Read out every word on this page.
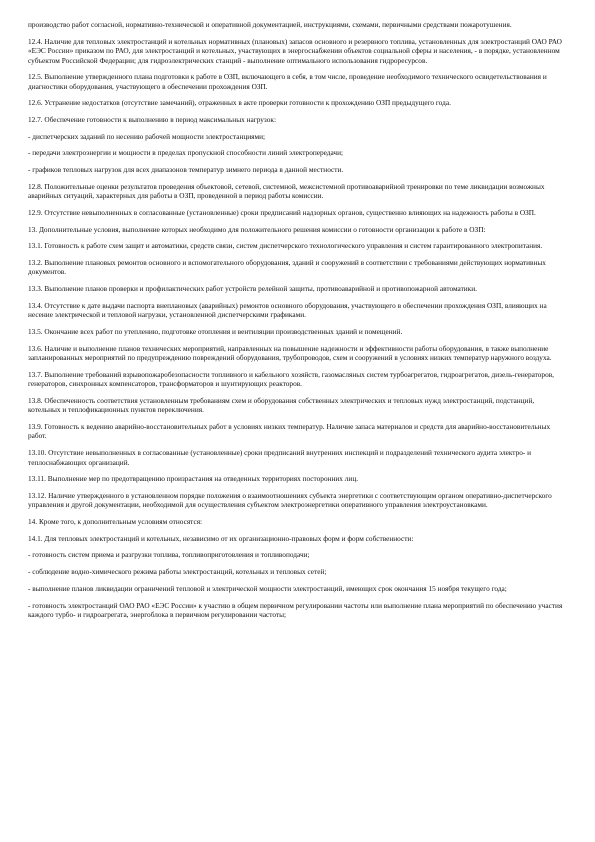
производство работ согласной, нормативно-технической и оперативной документацией, инструкциями, схемами, первичными средствами пожаротушения.

12.4. Наличие для тепловых электростанций и котельных нормативных (плановых) запасов основного и резервного топлива, установленных для электростанций ОАО РАО «ЕЭС России» приказом по РАО, для электростанций и котельных, участвующих в энергоснабжении объектов социальной сферы и населения, - в порядке, установленном субъектом Российской Федерации; для гидроэлектрических станций - выполнение оптимального использования гидроресурсов.

12.5. Выполнение утвержденного плана подготовки к работе в ОЗП, включающего в себя, в том числе, проведение необходимого технического освидетельствования и диагностики оборудования, участвующего в обеспечении прохождения ОЗП.

12.6. Устранение недостатков (отсутствие замечаний), отраженных в акте проверки готовности к прохождению ОЗП предыдущего года.

12.7. Обеспечение готовности к выполнению в период максимальных нагрузок:

- диспетчерских заданий по несению рабочей мощности электростанциями;

- передачи электроэнергии и мощности в пределах пропускной способности линий электропередачи;

- графиков тепловых нагрузок для всех диапазонов температур зимнего периода в данной местности.

12.8. Положительные оценки результатов проведения объектовой, сетевой, системной, межсистемной противоаварийной тренировки по теме ликвидации возможных аварийных ситуаций, характерных для работы в ОЗП, проведенной в период работы комиссии.

12.9. Отсутствие невыполненных в согласованные (установленные) сроки предписаний надзорных органов, существенно влияющих на надежность работы в ОЗП.

13. Дополнительные условия, выполнение которых необходимо для положительного решения комиссии о готовности организации к работе в ОЗП:

13.1. Готовность к работе схем защит и автоматики, средств связи, систем диспетчерского технологического управления и систем гарантированного электропитания.

13.2. Выполнение плановых ремонтов основного и вспомогательного оборудования, зданий и сооружений в соответствии с требованиями действующих нормативных документов.

13.3. Выполнение планов проверки и профилактических работ устройств релейной защиты, противоаварийной и противопожарной автоматики.

13.4. Отсутствие к дате выдачи паспорта внеплановых (аварийных) ремонтов основного оборудования, участвующего в обеспечении прохождения ОЗП, влияющих на несение электрической и тепловой нагрузки, установленной диспетчерскими графиками.

13.5. Окончание всех работ по утеплению, подготовке отопления и вентиляции производственных зданий и помещений.

13.6. Наличие и выполнение планов технических мероприятий, направленных на повышение надежности и эффективности работы оборудования, в также выполнение запланированных мероприятий по предупреждению повреждений оборудования, трубопроводов, схем и сооружений в условиях низких температур наружного воздуха.

13.7. Выполнение требований взрывопожаробезопасности топливного и кабельного хозяйств, газомасляных систем турбоагрегатов, гидроагрегатов, дизель-генераторов, генераторов, синхронных компенсаторов, трансформаторов и шунтирующих реакторов.

13.8. Обеспеченность соответствия установленным требованиям схем и оборудования собственных электрических и тепловых нужд электростанций, подстанций, котельных и теплофикационных пунктов переключения.

13.9. Готовность к ведению аварийно-восстановительных работ в условиях низких температур. Наличие запаса материалов и средств для аварийно-восстановительных работ.

13.10. Отсутствие невыполненных в согласованные (установленные) сроки предписаний внутренних инспекций и подразделений технического аудита электро- и теплоснабжающих организаций.

13.11. Выполнение мер по предотвращению произрастания на отведенных территориях посторонних лиц.

13.12. Наличие утвержденного в установленном порядке положения о взаимоотношениях субъекта энергетики с соответствующим органом оперативно-диспетчерского управления и другой документации, необходимой для осуществления субъектом электроэнергетики оперативного управления электроустановками.

14. Кроме того, к дополнительным условиям относятся:

14.1. Для тепловых электростанций и котельных, независимо от их организационно-правовых форм и форм собственности:

- готовность систем приема и разгрузки топлива, топливоприготовления и топливоподачи;

- соблюдение водно-химического режима работы электростанций, котельных и тепловых сетей;

- выполнение планов ликвидации ограничений тепловой и электрической мощности электростанций, имеющих срок окончания 15 ноября текущего года;

- готовность электростанций ОАО РАО «ЕЭС России» к участию в общем первичном регулировании частоты или выполнение плана мероприятий по обеспечению участия каждого турбо- и гидроагрегата, энергоблока в первичном регулировании частоты;
